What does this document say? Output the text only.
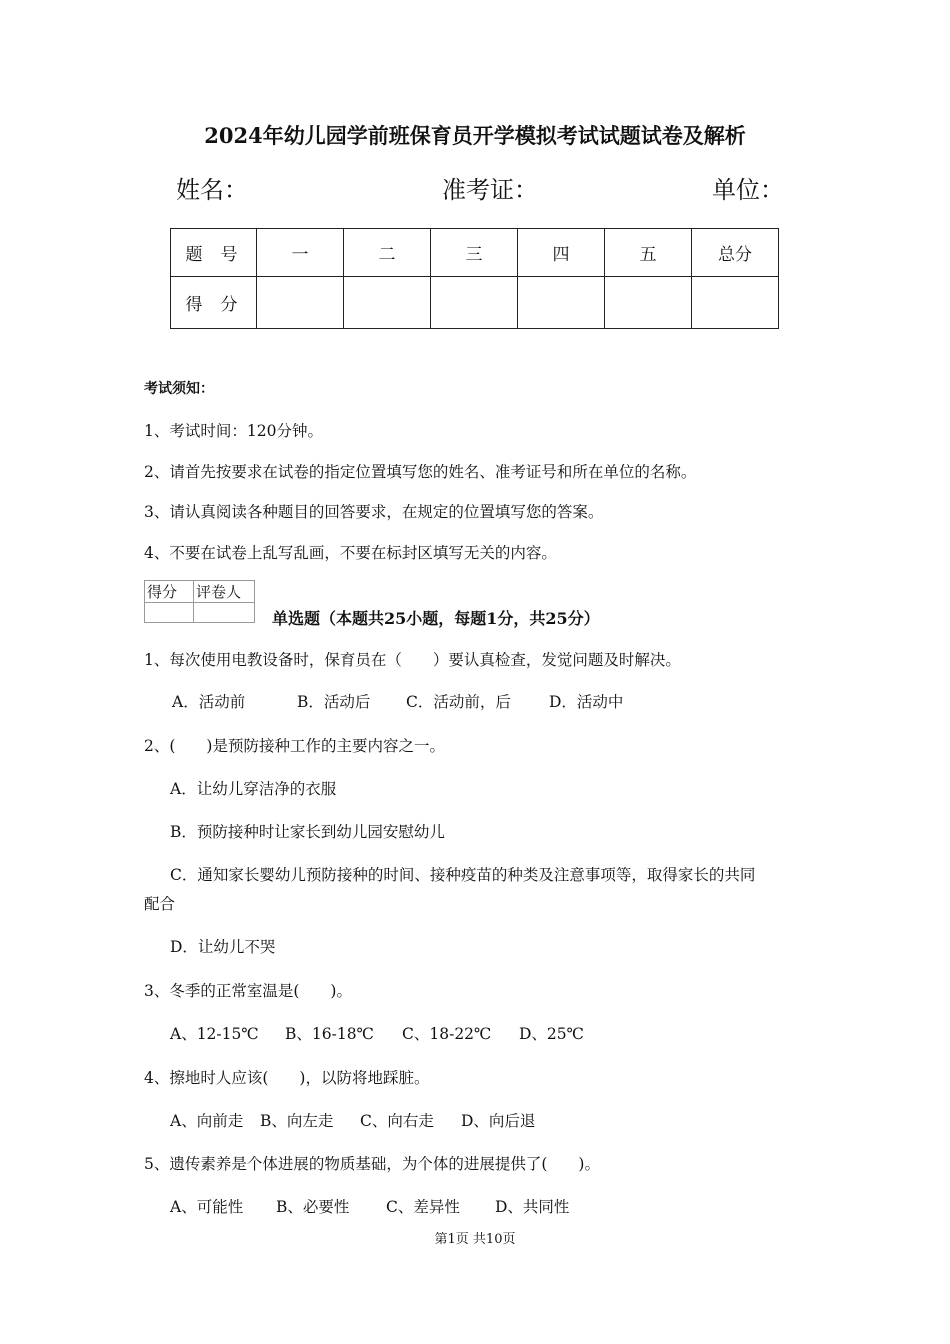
2024年幼儿园学前班保育员开学模拟考试试题试卷及解析
姓名：	准考证：	单位：
题号	一	二	三	四	五	总分
得分						
考试须知：
1、考试时间：120分钟。
2、请首先按要求在试卷的指定位置填写您的姓名、准考证号和所在单位的名称。
3、请认真阅读各种题目的回答要求，在规定的位置填写您的答案。
4、不要在试卷上乱写乱画，不要在标封区填写无关的内容。
得分	评卷人

单选题（本题共25小题，每题1分，共25分）
1、每次使用电教设备时，保育员在（　　）要认真检查，发觉问题及时解决。
A．活动前	B．活动后 C．活动前，后 D．活动中
2、(　　)是预防接种工作的主要内容之一。
A．让幼儿穿洁净的衣服
B．预防接种时让家长到幼儿园安慰幼儿
C．通知家长婴幼儿预防接种的时间、接种疫苗的种类及注意事项等，取得家长的共同
配合
D．让幼儿不哭
3、冬季的正常室温是(　　)。
A、12-15℃ B、16-18℃ C、18-22℃ D、25℃
4、擦地时人应该(　　)，以防将地踩脏。
A、向前走 B、向左走 C、向右走 D、向后退
5、遗传素养是个体进展的物质基础，为个体的进展提供了(　　)。
A、可能性 B、必要性 C、差异性 D、共同性
第1页 共10页
